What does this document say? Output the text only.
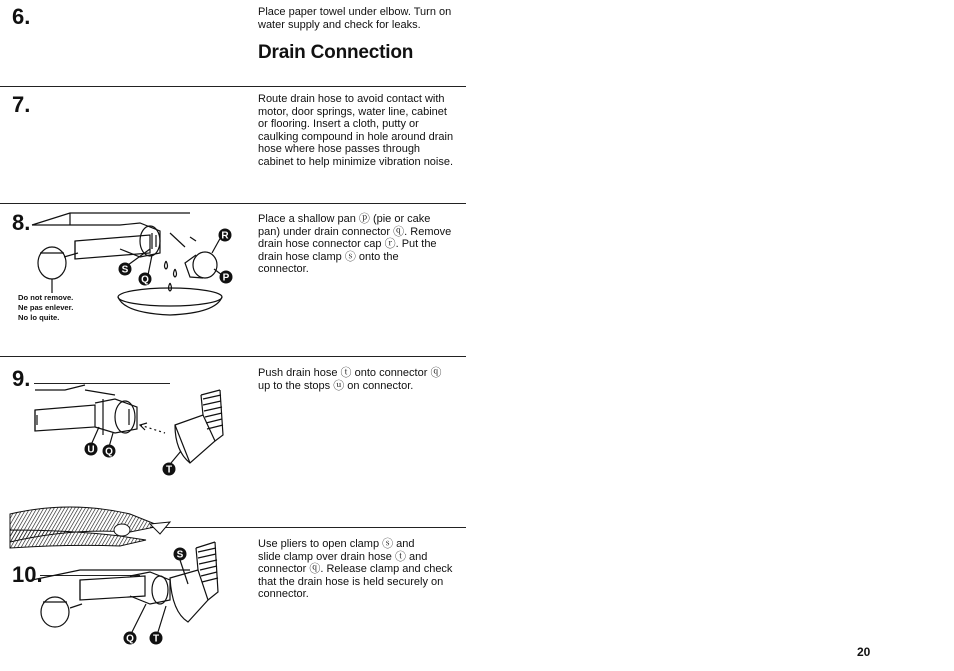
6.
7.
8.
9.
10.
Place paper towel under elbow. Turn on
water supply and check for leaks.
Drain Connection
Route drain hose to avoid contact with
motor, door springs, water line, cabinet
or flooring. Insert a cloth, putty or
caulking compound in hole around drain
hose where hose passes through
cabinet to help minimize vibration noise.
Place a shallow pan ⓟ (pie or cake
pan) under drain connector ⓠ. Remove
drain hose connector cap ⓡ. Put the
drain hose clamp ⓢ onto the
connector.
Push drain hose ⓣ onto connector ⓠ
up to the stops ⓤ on connector.
Use pliers to open clamp ⓢ and
slide clamp over drain hose ⓣ and
connector ⓠ. Release clamp and check
that the drain hose is held securely on
connector.
Do not remove.
Ne pas enlever.
No lo quite.
20
S
Q
R
P
U Q
T
S
Q T
